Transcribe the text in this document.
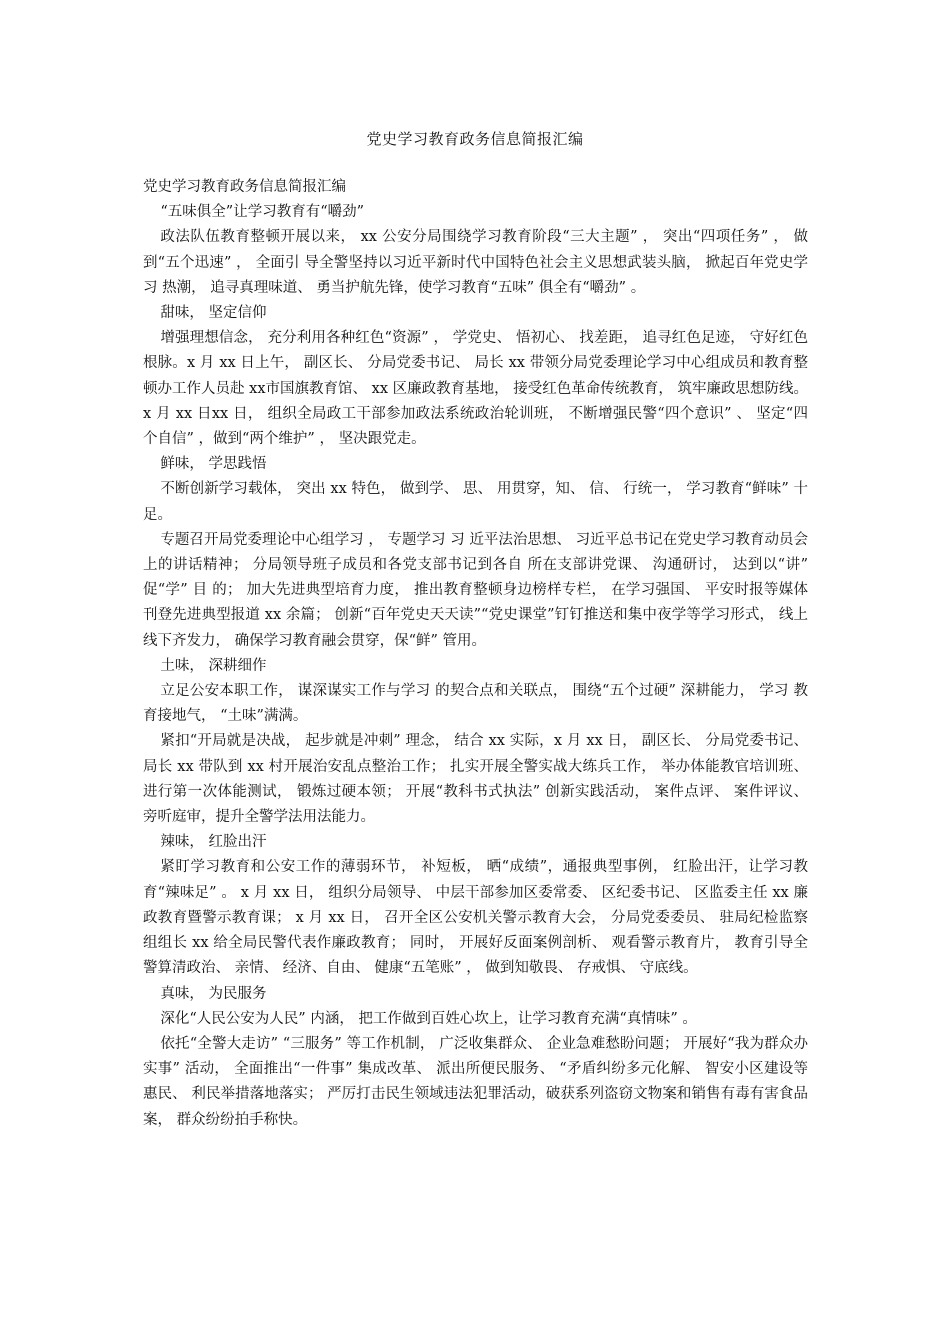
党史学习教育政务信息简报汇编

党史学习教育政务信息简报汇编

“五味俱全”让学习教育有“嚼劲”

政法队伍教育整顿开展以来， xx 公安分局围绕学习教育阶段“三大主题” ， 突出“四项任务” ， 做到“五个迅速” ， 全面引 导全警坚持以习近平新时代中国特色社会主义思想武装头脑， 掀起百年党史学习 热潮， 追寻真理味道、 勇当护航先锋，使学习教育“五味” 俱全有“嚼劲” 。

甜味， 坚定信仰

增强理想信念， 充分利用各种红色“资源” ， 学党史、 悟初心、 找差距， 追寻红色足迹， 守好红色根脉。x 月 xx 日上午， 副区长、 分局党委书记、 局长 xx 带领分局党委理论学习中心组成员和教育整顿办工作人员赴 xx市国旗教育馆、 xx 区廉政教育基地， 接受红色革命传统教育， 筑牢廉政思想防线。 x 月 xx 日xx 日， 组织全局政工干部参加政法系统政治轮训班， 不断增强民警“四个意识” 、 坚定“四个自信” ，做到“两个维护” ， 坚决跟党走。

鲜味， 学思践悟

不断创新学习载体， 突出 xx 特色， 做到学、 思、 用贯穿，知、 信、 行统一， 学习教育“鲜味” 十足。

专题召开局党委理论中心组学习 ， 专题学习 习 近平法治思想、 习近平总书记在党史学习教育动员会上的讲话精神； 分局领导班子成员和各党支部书记到各自 所在支部讲党课、 沟通研讨， 达到以“讲” 促“学” 目 的； 加大先进典型培育力度， 推出教育整顿身边榜样专栏， 在学习强国、 平安时报等媒体刊登先进典型报道 xx 余篇； 创新“百年党史天天读”“党史课堂”钉钉推送和集中夜学等学习形式， 线上线下齐发力， 确保学习教育融会贯穿，保“鲜” 管用。

土味， 深耕细作

立足公安本职工作， 谋深谋实工作与学习 的契合点和关联点， 围绕“五个过硬” 深耕能力， 学习 教育接地气， “土味”满满。

紧扣“开局就是决战， 起步就是冲刺” 理念， 结合 xx 实际，x 月 xx 日， 副区长、 分局党委书记、 局长 xx 带队到 xx 村开展治安乱点整治工作； 扎实开展全警实战大练兵工作， 举办体能教官培训班、 进行第一次体能测试， 锻炼过硬本领； 开展“教科书式执法” 创新实践活动， 案件点评、 案件评议、 旁听庭审，提升全警学法用法能力。

辣味， 红脸出汗

紧盯学习教育和公安工作的薄弱环节， 补短板， 晒“成绩”，通报典型事例， 红脸出汗，让学习教育“辣味足” 。 x 月 xx 日， 组织分局领导、 中层干部参加区委常委、 区纪委书记、 区监委主任 xx 廉政教育暨警示教育课； x 月 xx 日， 召开全区公安机关警示教育大会， 分局党委委员、 驻局纪检监察组组长 xx 给全局民警代表作廉政教育； 同时， 开展好反面案例剖析、 观看警示教育片， 教育引导全警算清政治、 亲情、 经济、自由、 健康“五笔账” ， 做到知敬畏、 存戒惧、 守底线。

真味， 为民服务

深化“人民公安为人民” 内涵， 把工作做到百姓心坎上，让学习教育充满“真情味” 。

依托“全警大走访” “三服务” 等工作机制， 广泛收集群众、 企业急难愁盼问题； 开展好“我为群众办实事” 活动， 全面推出“一件事” 集成改革、 派出所便民服务、 “矛盾纠纷多元化解、 智安小区建设等惠民、 利民举措落地落实； 严厉打击民生领域违法犯罪活动，破获系列盗窃文物案和销售有毒有害食品案， 群众纷纷拍手称快。
